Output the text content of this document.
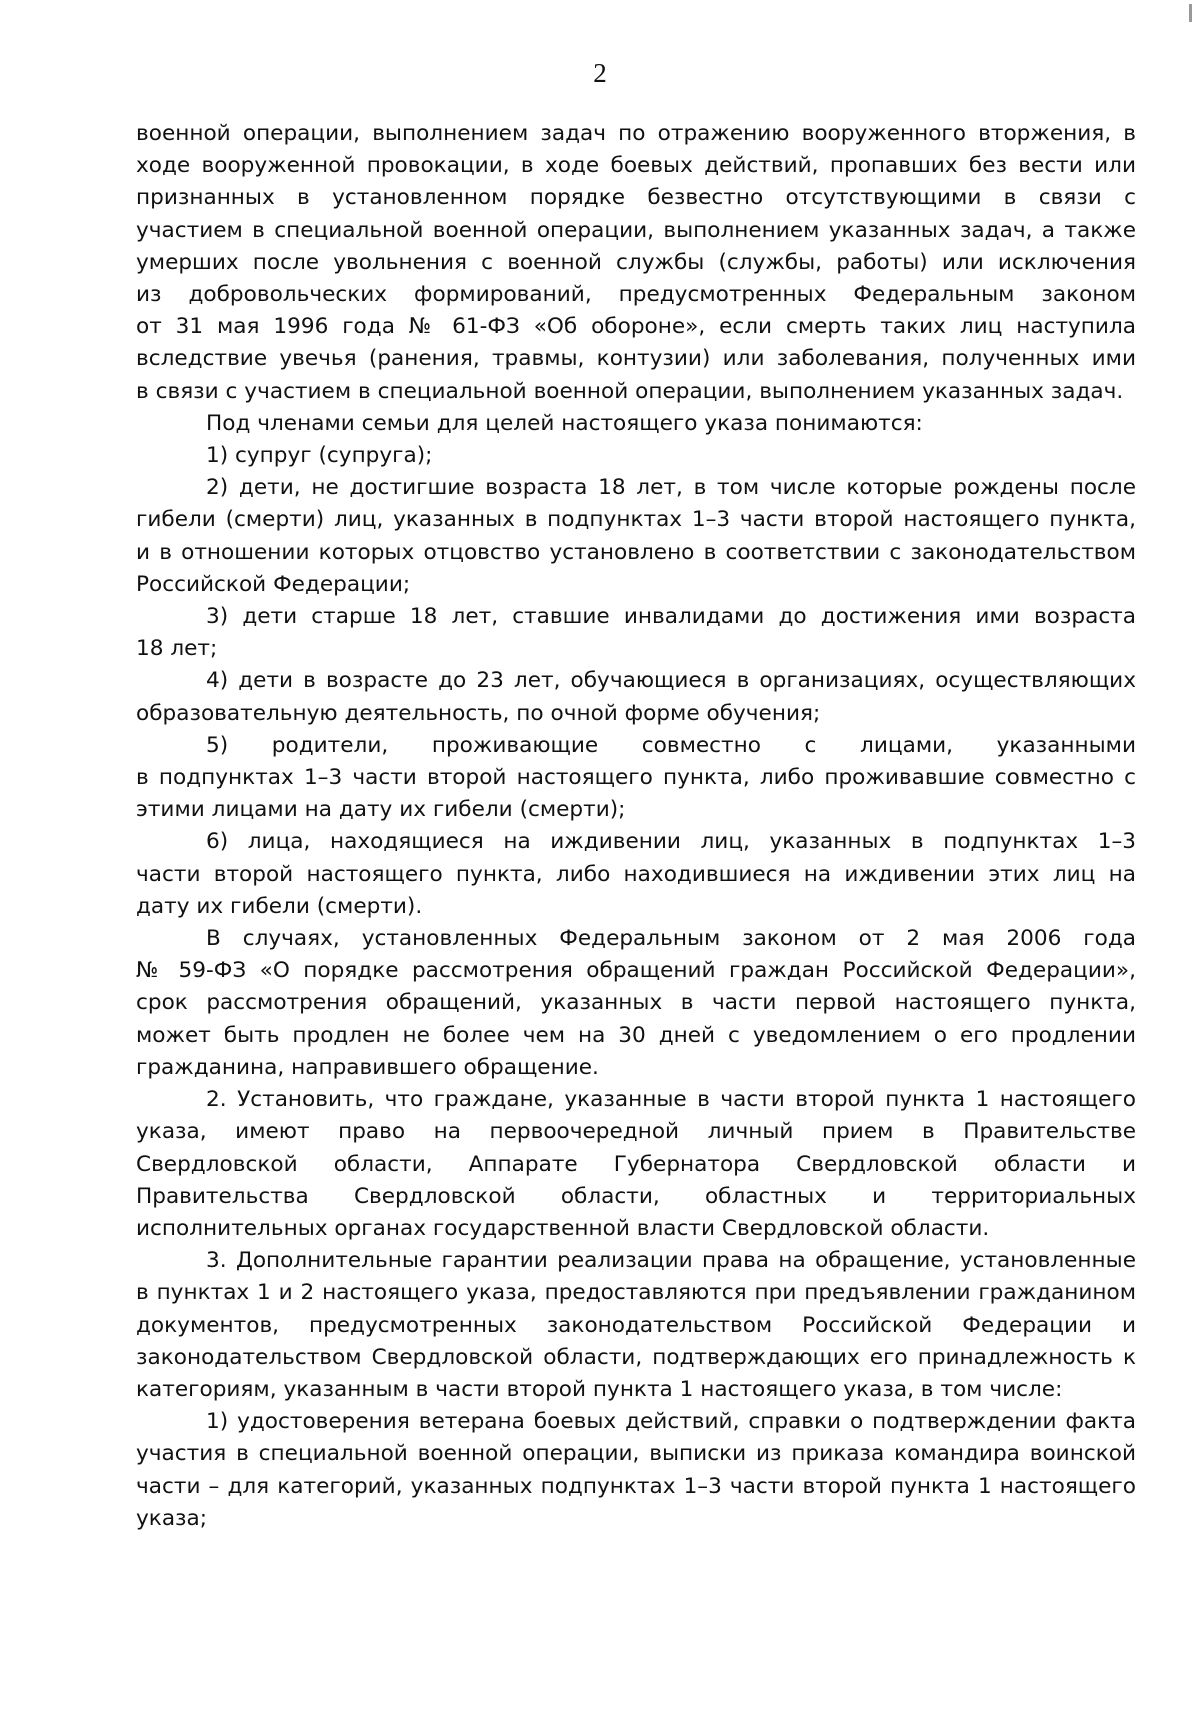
2
военной операции, выполнением задач по отражению вооруженного вторжения, в
ходе вооруженной провокации, в ходе боевых действий, пропавших без вести или
признанных в установленном порядке безвестно отсутствующими в связи с
участием в специальной военной операции, выполнением указанных задач, а также
умерших после увольнения с военной службы (службы, работы) или исключения
из добровольческих формирований, предусмотренных Федеральным законом
от 31 мая 1996 года № 61-ФЗ «Об обороне», если смерть таких лиц наступила
вследствие увечья (ранения, травмы, контузии) или заболевания, полученных ими
в связи с участием в специальной военной операции, выполнением указанных задач.
Под членами семьи для целей настоящего указа понимаются:
1) супруг (супруга);
2) дети, не достигшие возраста 18 лет, в том числе которые рождены после
гибели (смерти) лиц, указанных в подпунктах 1–3 части второй настоящего пункта,
и в отношении которых отцовство установлено в соответствии с законодательством
Российской Федерации;
3) дети старше 18 лет, ставшие инвалидами до достижения ими возраста
18 лет;
4) дети в возрасте до 23 лет, обучающиеся в организациях, осуществляющих
образовательную деятельность, по очной форме обучения;
5) родители, проживающие совместно с лицами, указанными
в подпунктах 1–3 части второй настоящего пункта, либо проживавшие совместно с
этими лицами на дату их гибели (смерти);
6) лица, находящиеся на иждивении лиц, указанных в подпунктах 1–3
части второй настоящего пункта, либо находившиеся на иждивении этих лиц на
дату их гибели (смерти).
В случаях, установленных Федеральным законом от 2 мая 2006 года
№ 59-ФЗ «О порядке рассмотрения обращений граждан Российской Федерации»,
срок рассмотрения обращений, указанных в части первой настоящего пункта,
может быть продлен не более чем на 30 дней с уведомлением о его продлении
гражданина, направившего обращение.
2. Установить, что граждане, указанные в части второй пункта 1 настоящего
указа, имеют право на первоочередной личный прием в Правительстве
Свердловской области, Аппарате Губернатора Свердловской области и
Правительства Свердловской области, областных и территориальных
исполнительных органах государственной власти Свердловской области.
3. Дополнительные гарантии реализации права на обращение, установленные
в пунктах 1 и 2 настоящего указа, предоставляются при предъявлении гражданином
документов, предусмотренных законодательством Российской Федерации и
законодательством Свердловской области, подтверждающих его принадлежность к
категориям, указанным в части второй пункта 1 настоящего указа, в том числе:
1) удостоверения ветерана боевых действий, справки о подтверждении факта
участия в специальной военной операции, выписки из приказа командира воинской
части – для категорий, указанных подпунктах 1–3 части второй пункта 1 настоящего
указа;
